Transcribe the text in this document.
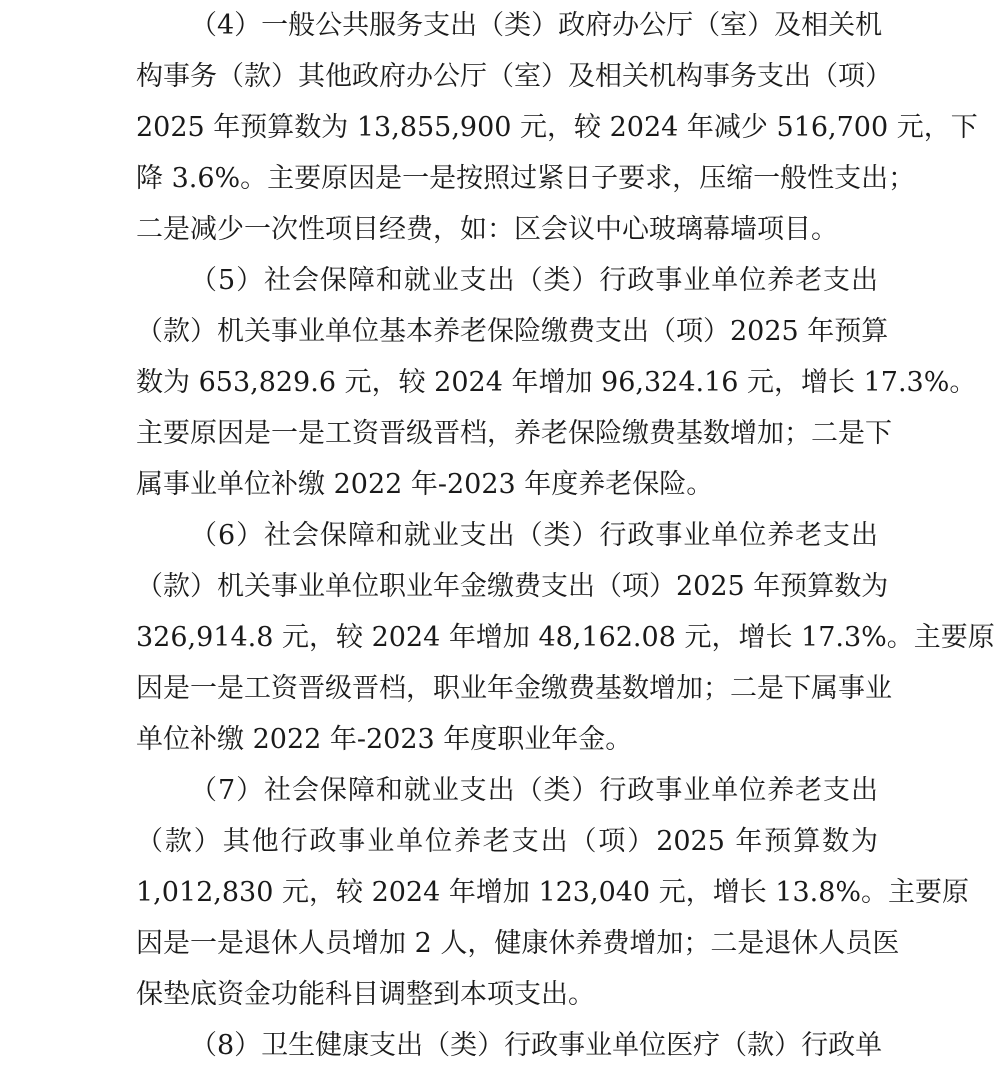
（4）一般公共服务支出（类）政府办公厅（室）及相关机
构事务（款）其他政府办公厅（室）及相关机构事务支出（项）
2025 年预算数为 13,855,900 元，较 2024 年减少 516,700 元，下
降 3.6%。主要原因是一是按照过紧日子要求，压缩一般性支出；
二是减少一次性项目经费，如：区会议中心玻璃幕墙项目。
（5）社会保障和就业支出（类）行政事业单位养老支出
（款）机关事业单位基本养老保险缴费支出（项）2025 年预算
数为 653,829.6 元，较 2024 年增加 96,324.16 元，增长 17.3%。
主要原因是一是工资晋级晋档，养老保险缴费基数增加；二是下
属事业单位补缴 2022 年-2023 年度养老保险。
（6）社会保障和就业支出（类）行政事业单位养老支出
（款）机关事业单位职业年金缴费支出（项）2025 年预算数为
326,914.8 元，较 2024 年增加 48,162.08 元，增长 17.3%。主要原
因是一是工资晋级晋档，职业年金缴费基数增加；二是下属事业
单位补缴 2022 年-2023 年度职业年金。
（7）社会保障和就业支出（类）行政事业单位养老支出
（款）其他行政事业单位养老支出（项）2025 年预算数为
1,012,830 元，较 2024 年增加 123,040 元，增长 13.8%。主要原
因是一是退休人员增加 2 人，健康休养费增加；二是退休人员医
保垫底资金功能科目调整到本项支出。
（8）卫生健康支出（类）行政事业单位医疗（款）行政单
